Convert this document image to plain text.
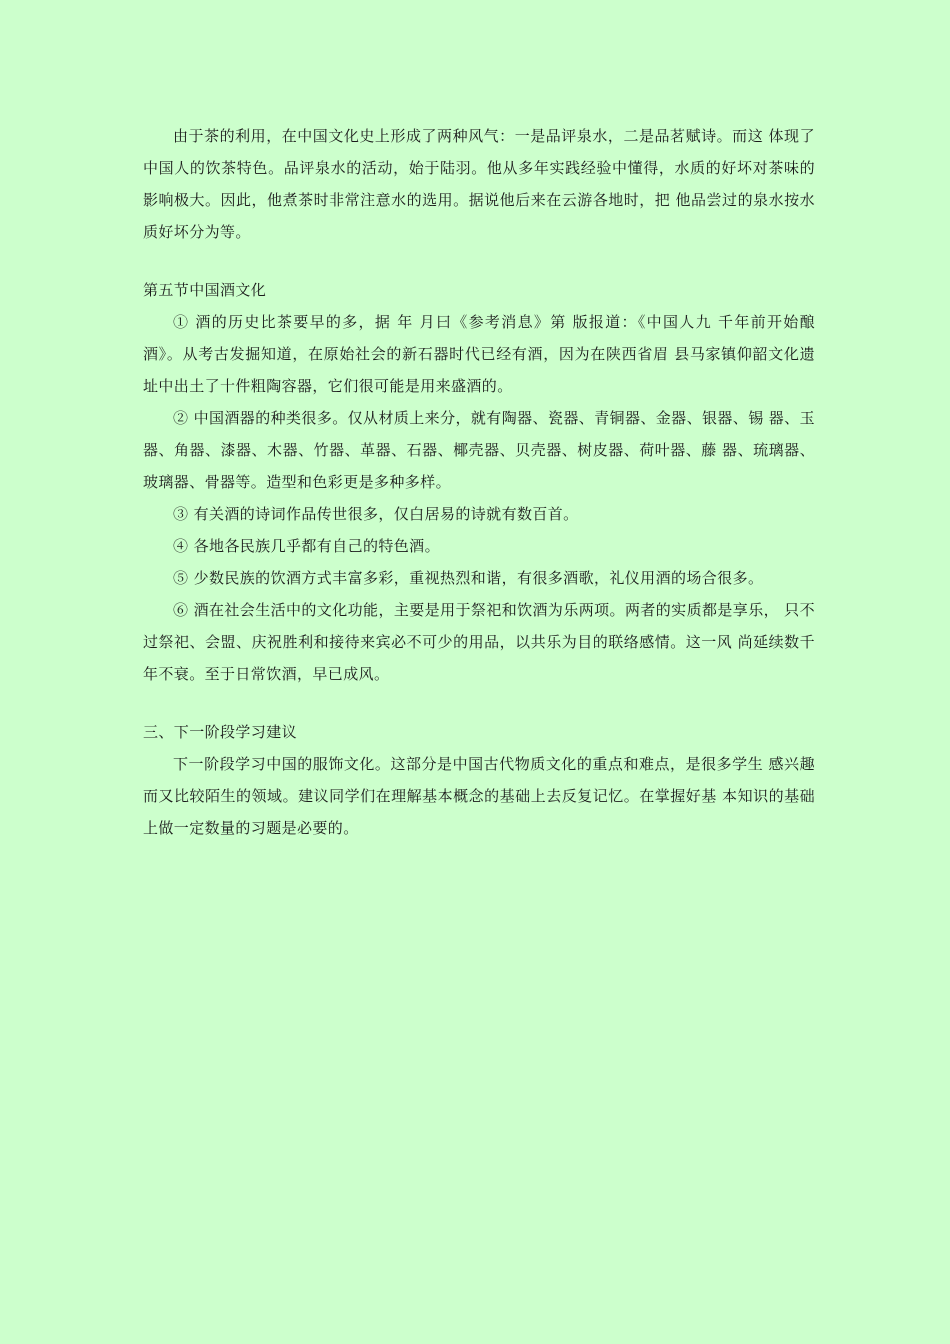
由于茶的利用，在中国文化史上形成了两种风气：一是品评泉水，二是品茗赋诗。而这 体现了中国人的饮茶特色。品评泉水的活动，始于陆羽。他从多年实践经验中懂得，水质的好坏对茶味的影响极大。因此，他煮茶时非常注意水的选用。据说他后来在云游各地时，把 他品尝过的泉水按水质好坏分为等。

第五节中国酒文化

① 酒的历史比茶要早的多，据 年 月曰《参考消息》第 版报道：《中国人九 千年前开始酿酒》。从考古发掘知道，在原始社会的新石器时代已经有酒，因为在陕西省眉 县马家镇仰韶文化遗址中出土了十件粗陶容器，它们很可能是用来盛酒的。

② 中国酒器的种类很多。仅从材质上来分，就有陶器、瓷器、青铜器、金器、银器、锡 器、玉器、角器、漆器、木器、竹器、革器、石器、椰壳器、贝壳器、树皮器、荷叶器、藤 器、琉璃器、玻璃器、骨器等。造型和色彩更是多种多样。

③ 有关酒的诗词作品传世很多，仅白居易的诗就有数百首。

④ 各地各民族几乎都有自己的特色酒。

⑤ 少数民族的饮酒方式丰富多彩，重视热烈和谐，有很多酒歌，礼仪用酒的场合很多。

⑥ 酒在社会生活中的文化功能，主要是用于祭祀和饮酒为乐两项。两者的实质都是享乐， 只不过祭祀、会盟、庆祝胜利和接待来宾必不可少的用品，以共乐为目的联络感情。这一风 尚延续数千年不衰。至于日常饮酒，早已成风。

三、下一阶段学习建议

下一阶段学习中国的服饰文化。这部分是中国古代物质文化的重点和难点，是很多学生 感兴趣而又比较陌生的领域。建议同学们在理解基本概念的基础上去反复记忆。在掌握好基 本知识的基础上做一定数量的习题是必要的。
